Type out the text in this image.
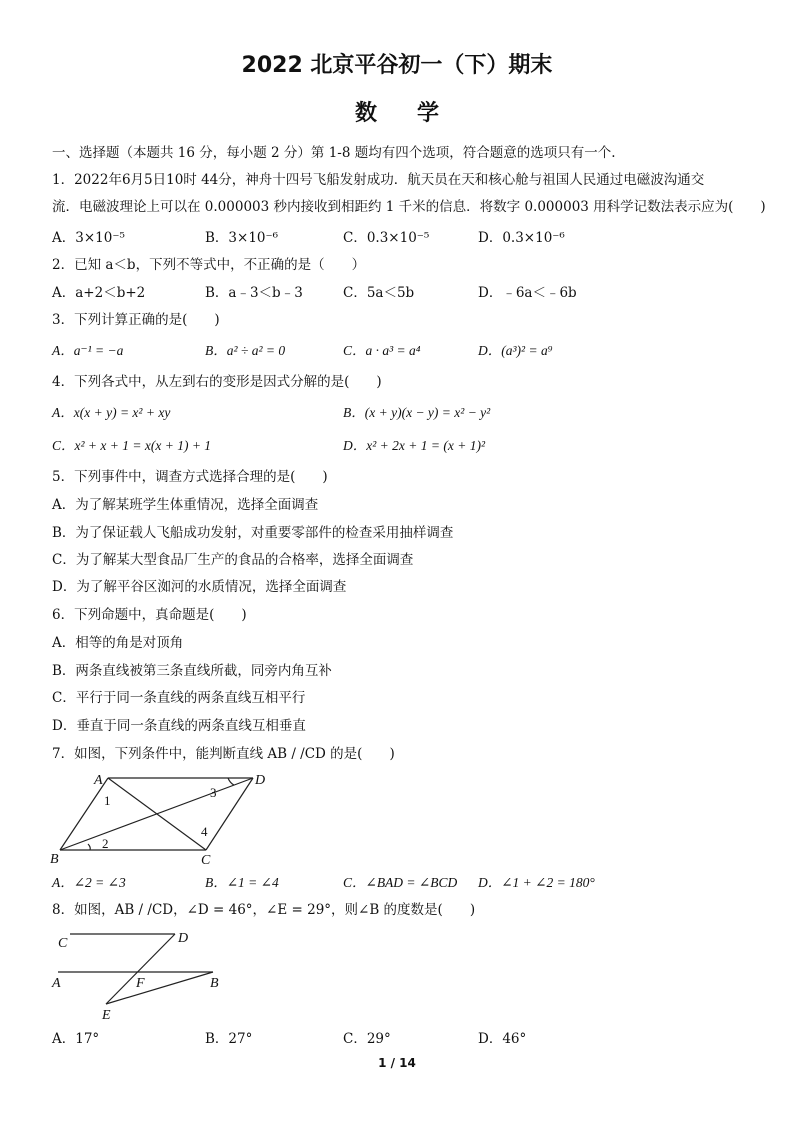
2022 北京平谷初一（下）期末
数学
一、选择题（本题共 16 分，每小题 2 分）第 1-8 题均有四个选项，符合题意的选项只有一个.
1．2022年6月5日10时 44分，神舟十四号飞船发射成功．航天员在天和核心舱与祖国人民通过电磁波沟通交
流．电磁波理论上可以在 0.000003 秒内接收到相距约 1 千米的信息．将数字 0.000003 用科学记数法表示应为(　　)
A．3×10⁻⁵	B．3×10⁻⁶	C．0.3×10⁻⁵	D．0.3×10⁻⁶
2．已知 a＜b，下列不等式中，不正确的是（　　）
A．a+2＜b+2	B．a﹣3＜b﹣3	C．5a＜5b	D．﹣6a＜﹣6b
3．下列计算正确的是(　　)
A．a⁻¹ = −a	B．a² ÷ a² = 0	C．a · a³ = a⁴	D．(a³)² = a⁹
4．下列各式中，从左到右的变形是因式分解的是(　　)
A．x(x + y) = x² + xy	B．(x + y)(x − y) = x² − y²
C．x² + x + 1 = x(x + 1) + 1	D．x² + 2x + 1 = (x + 1)²
5．下列事件中，调查方式选择合理的是(　　)
A．为了解某班学生体重情况，选择全面调查
B．为了保证载人飞船成功发射，对重要零部件的检查采用抽样调查
C．为了解某大型食品厂生产的食品的合格率，选择全面调查
D．为了解平谷区洳河的水质情况，选择全面调查
6．下列命题中，真命题是(　　)
A．相等的角是对顶角
B．两条直线被第三条直线所截，同旁内角互补
C．平行于同一条直线的两条直线互相平行
D．垂直于同一条直线的两条直线互相垂直
7．如图，下列条件中，能判断直线 AB / /CD 的是(　　)
A	D
B	C
1
2
3
4
A．∠2 = ∠3	B．∠1 = ∠4	C．∠BAD = ∠BCD D．∠1 + ∠2 = 180°
8．如图，AB / /CD，∠D = 46°，∠E = 29°，则∠B 的度数是(　　)
C	D
A	F	B
E
A．17°	B．27°	C．29°	D．46°
1 / 14
